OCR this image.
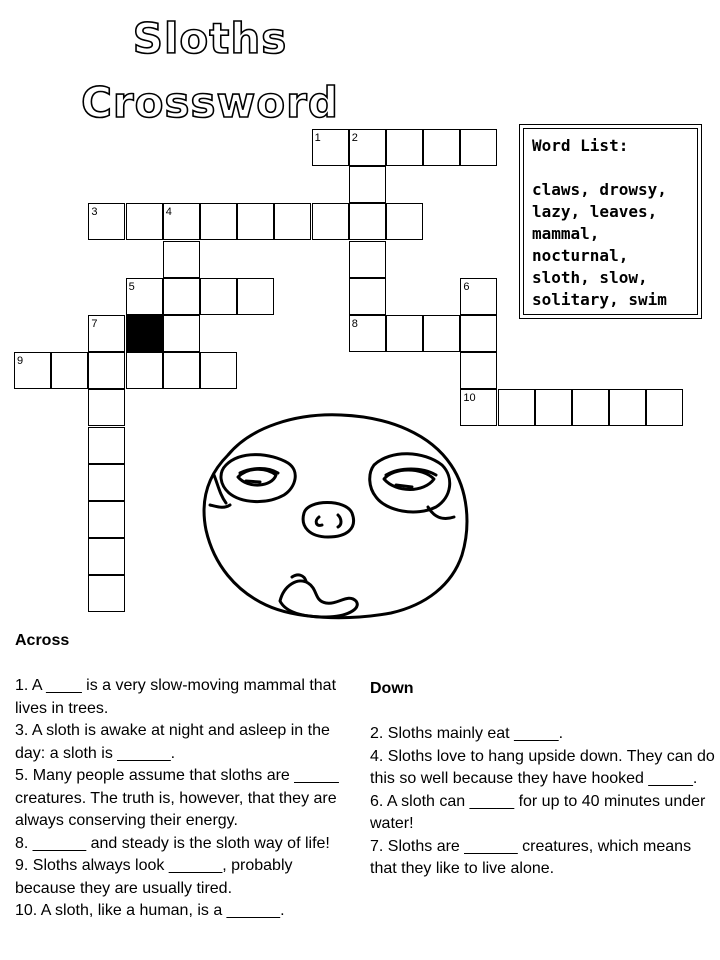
Sloths
Crossword
1	2
3	4
5	6
7	8
9
10
Word List:
claws, drowsy, lazy, leaves, mammal, nocturnal, sloth, slow, solitary, swim
Across

1. A ____ is a very slow-moving mammal that lives in trees.

3. A sloth is awake at night and asleep in the day: a sloth is ______.

5. Many people assume that sloths are _____ creatures. The truth is, however, that they are always conserving their energy.

8. ______ and steady is the sloth way of life!

9. Sloths always look ______, probably because they are usually tired.

10. A sloth, like a human, is a ______.

Down

2. Sloths mainly eat _____.

4. Sloths love to hang upside down. They can do this so well because they have hooked _____.

6. A sloth can _____ for up to 40 minutes under water!

7. Sloths are ______ creatures, which means that they like to live alone.
